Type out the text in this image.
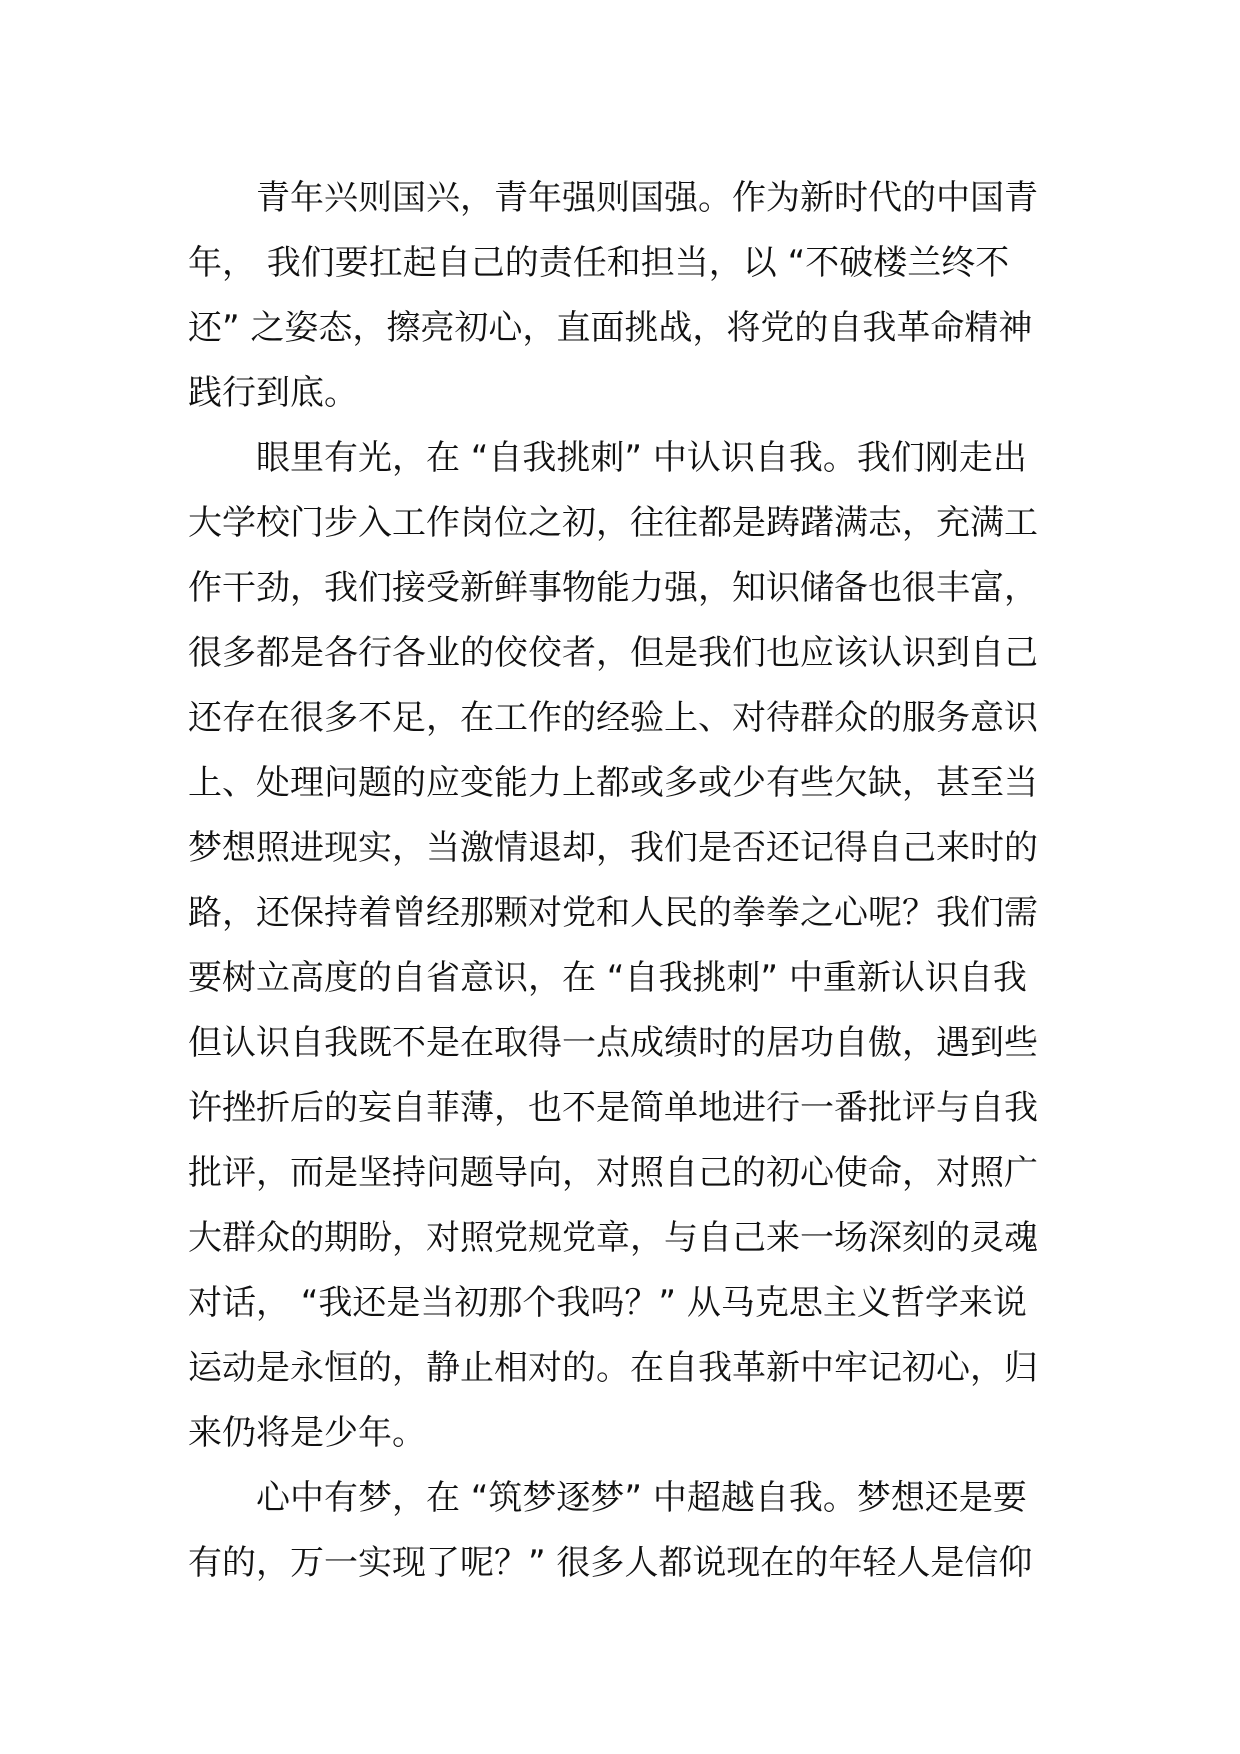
青年兴则国兴，青年强则国强。作为新时代的中国青
年， 我们要扛起自己的责任和担当，以 “不破楼兰终不
还” 之姿态，擦亮初心，直面挑战，将党的自我革命精神
践行到底。
眼里有光，在 “自我挑刺” 中认识自我。我们刚走出
大学校门步入工作岗位之初，往往都是踌躇满志，充满工
作干劲，我们接受新鲜事物能力强，知识储备也很丰富，
很多都是各行各业的佼佼者，但是我们也应该认识到自己
还存在很多不足，在工作的经验上、对待群众的服务意识
上、处理问题的应变能力上都或多或少有些欠缺，甚至当
梦想照进现实，当激情退却，我们是否还记得自己来时的
路，还保持着曾经那颗对党和人民的拳拳之心呢？我们需
要树立高度的自省意识，在 “自我挑刺” 中重新认识自我
但认识自我既不是在取得一点成绩时的居功自傲，遇到些
许挫折后的妄自菲薄，也不是简单地进行一番批评与自我
批评，而是坚持问题导向，对照自己的初心使命，对照广
大群众的期盼，对照党规党章，与自己来一场深刻的灵魂
对话， “我还是当初那个我吗？” 从马克思主义哲学来说
运动是永恒的，静止相对的。在自我革新中牢记初心，归
来仍将是少年。
心中有梦，在 “筑梦逐梦” 中超越自我。梦想还是要
有的，万一实现了呢？” 很多人都说现在的年轻人是信仰
